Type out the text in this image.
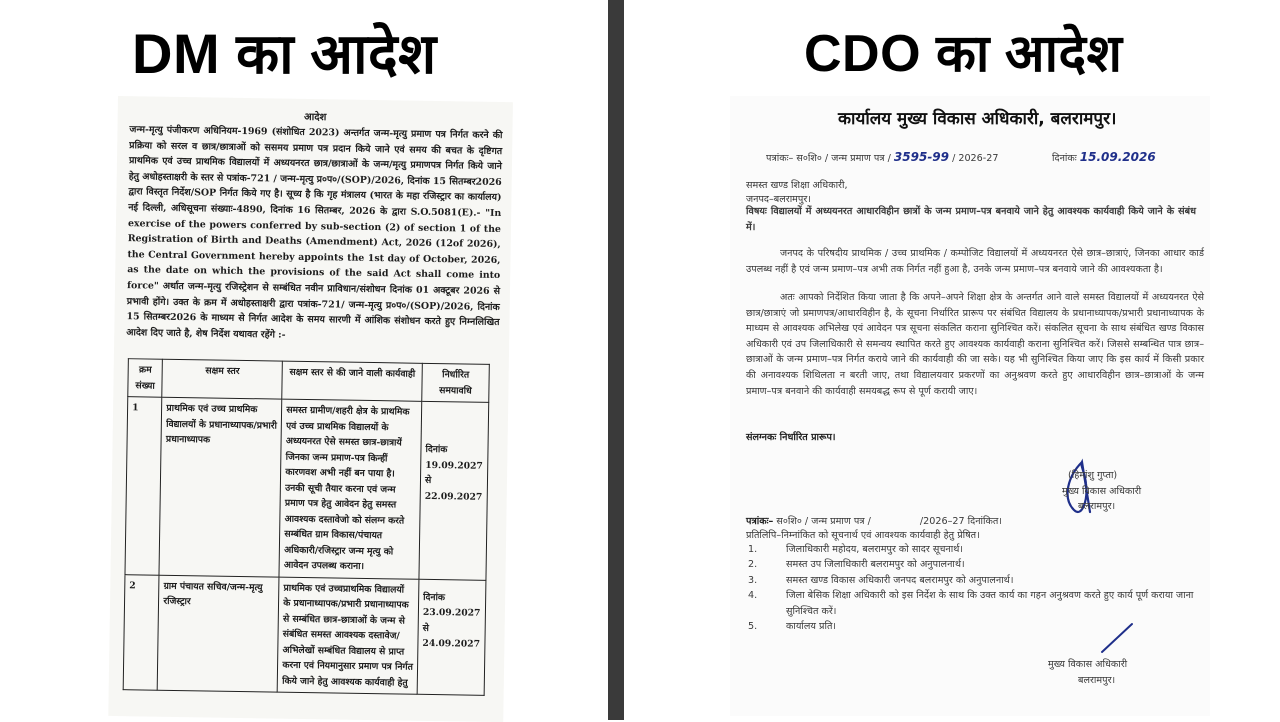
DM का आदेश	CDO का आदेश
आदेश
जन्म-मृत्यु पंजीकरण अधिनियम-1969 (संशोधित 2023) अन्तर्गत जन्म-मृत्यु प्रमाण पत्र निर्गत करने की प्रक्रिया को सरल व छात्र/छात्राओं को ससमय प्रमाण पत्र प्रदान किये जाने एवं समय की बचत के दृष्टिगत प्राथमिक एवं उच्च प्राथमिक विद्यालयों में अध्ययनरत छात्र/छात्राओं के जन्म/मृत्यु प्रमाणपत्र निर्गत किये जाने हेतु अधोहस्ताक्षरी के स्तर से पत्रांक-721 / जन्म-मृत्यु प्र०प०/(SOP)/2026, दिनांक 15 सितम्बर2026 द्वारा विस्तृत निर्देश/SOP निर्गत किये गए है। सूच्य है कि गृह मंत्रालय (भारत के महा रजिस्ट्रार का कार्यालय) नई दिल्ली, अधिसूचना संख्याः-4890, दिनांक 16 सितम्बर, 2026 के द्वारा S.O.5081(E).- "In exercise of the powers conferred by sub-section (2) of section 1 of the Registration of Birth and Deaths (Amendment) Act, 2026 (12of 2026), the Central Government hereby appoints the 1st day of October, 2026, as the date on which the provisions of the said Act shall come into force" अर्थात जन्म-मृत्यु रजिस्ट्रेशन से सम्बंधित नवीन प्राविधान/संशोधन दिनांक 01 अक्टूबर 2026 से प्रभावी होंगे। उक्त के क्रम में अधोहस्ताक्षरी द्वारा पत्रांक-721/ जन्म-मृत्यु प्र०प०/(SOP)/2026, दिनांक 15 सितम्बर2026 के माध्यम से निर्गत आदेश के समय सारणी में आंशिक संशोधन करते हुए निम्नलिखित आदेश दिए जाते है, शेष निर्देश यथावत रहेंगे :-
क्रम संख्या	सक्षम स्तर	सक्षम स्तर से की जाने वाली कार्यवाही	निर्धारित समयावधि
1	प्राथमिक एवं उच्च प्राथमिक विद्यालयों के प्रधानाध्यापक/प्रभारी प्रधानाध्यापक	समस्त ग्रामीण/शहरी क्षेत्र के प्राथमिक एवं उच्च प्राथमिक विद्यालयों के अध्ययनरत ऐसे समस्त छात्र-छात्रायें जिनका जन्म प्रमाण-पत्र किन्हीं कारणवश अभी नहीं बन पाया है। उनकी सूची तैयार करना एवं जन्म प्रमाण पत्र हेतु आवेदन हेतु समस्त आवश्यक दस्तावेजो को संलग्न करते सम्बंधित ग्राम विकास/पंचायत अधिकारी/रजिस्ट्रार जन्म मृत्यु को आवेदन उपलब्ध कराना।	दिनांक 19.09.2027 से 22.09.2027
2	ग्राम पंचायत सचिव/जन्म-मृत्यु रजिस्ट्रार	प्राथमिक एवं उच्चप्राथमिक विद्यालयों के प्रधानाध्यापक/प्रभारी प्रधानाध्यापक से सम्बंधित छात्र-छात्राओं के जन्म से संबंधित समस्त आवश्यक दस्तावेज/अभिलेखों सम्बंधित विद्यालय से प्राप्त करना एवं नियमानुसार प्रमाण पत्र निर्गत किये जाने हेतु आवश्यक कार्यवाही हेतु	दिनांक 23.09.2027 से 24.09.2027
कार्यालय मुख्य विकास अधिकारी, बलरामपुर।
पत्रांकः– स०शि० / जन्म प्रमाण पत्र / 3595-99 / 2026-27	दिनांकः 15.09.2026
समस्त खण्ड शिक्षा अधिकारी,
जनपद–बलरामपुर।
विषयः विद्यालयों में अध्ययनरत आधारविहीन छात्रों के जन्म प्रमाण–पत्र बनवाये जाने हेतु आवश्यक कार्यवाही किये जाने के संबंध में।
जनपद के परिषदीय प्राथमिक / उच्च प्राथमिक / कम्पोजिट विद्यालयों में अध्ययनरत ऐसे छात्र–छात्राएं, जिनका आधार कार्ड उपलब्ध नहीं है एवं जन्म प्रमाण–पत्र अभी तक निर्गत नहीं हुआ है, उनके जन्म प्रमाण–पत्र बनवाये जाने की आवश्यकता है।
अतः आपको निर्देशित किया जाता है कि अपने–अपने शिक्षा क्षेत्र के अन्तर्गत आने वाले समस्त विद्यालयों में अध्ययनरत ऐसे छात्र/छात्राएं जो प्रमाणपत्र/आधारविहीन है, के सूचना निर्धारित प्रारूप पर संबंधित विद्यालय के प्रधानाध्यापक/प्रभारी प्रधानाध्यापक के माध्यम से आवश्यक अभिलेख एवं आवेदन पत्र सूचना संकलित कराना सुनिश्चित करें। संकलित सूचना के साथ संबंधित खण्ड विकास अधिकारी एवं उप जिलाधिकारी से समन्वय स्थापित करते हुए आवश्यक कार्यवाही कराना सुनिश्चित करें। जिससे सम्बन्धित पात्र छात्र–छात्राओं के जन्म प्रमाण–पत्र निर्गत कराये जाने की कार्यवाही की जा सके। यह भी सुनिश्चित किया जाए कि इस कार्य में किसी प्रकार की अनावश्यक शिथिलता न बरती जाए, तथा विद्यालयवार प्रकरणों का अनुश्रवण करते हुए आधारविहीन छात्र–छात्राओं के जन्म प्रमाण–पत्र बनवाने की कार्यवाही समयबद्ध रूप से पूर्ण करायी जाए।
संलग्नकः निर्धारित प्रारूप।
(हिमांशु गुप्ता)
मुख्य विकास अधिकारी
बलरामपुर।
पत्रांकः– स०शि० / जन्म प्रमाण पत्र /	/2026–27 दिनांकित।
प्रतिलिपि–निम्नांकित को सूचनार्थ एवं आवश्यक कार्यवाही हेतु प्रेषित।
1.	जिलाधिकारी महोदय, बलरामपुर को सादर सूचनार्थ।
2.	समस्त उप जिलाधिकारी बलरामपुर को अनुपालनार्थ।
3.	समस्त खण्ड विकास अधिकारी जनपद बलरामपुर को अनुपालनार्थ।
4.	जिला बेसिक शिक्षा अधिकारी को इस निर्देश के साथ कि उक्त कार्य का गहन अनुश्रवण करते हुए कार्य पूर्ण कराया जाना सुनिश्चित करें।
5.	कार्यालय प्रति।
मुख्य विकास अधिकारी
बलरामपुर।
